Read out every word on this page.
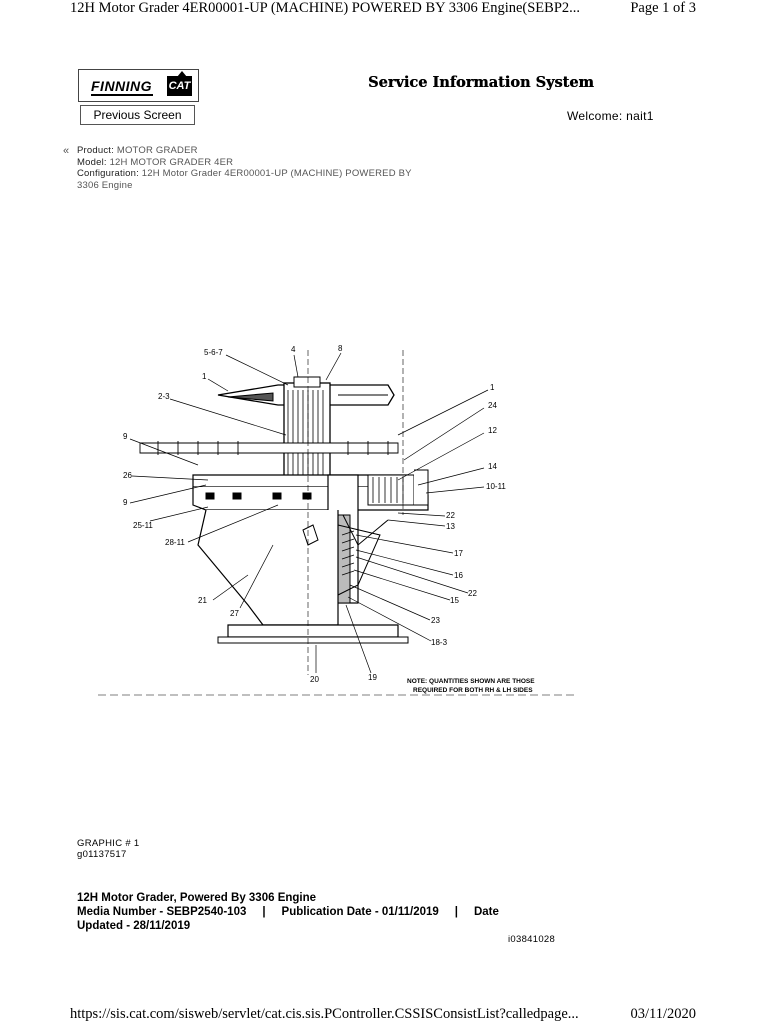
12H Motor Grader 4ER00001-UP (MACHINE) POWERED BY 3306 Engine(SEBP2...	Page 1 of 3
FINNING CAT	Service Information System
Previous Screen	Welcome: nait1
« Product: MOTOR GRADER
Model: 12H MOTOR GRADER 4ER
Configuration: 12H Motor Grader 4ER00001-UP (MACHINE) POWERED BY
3306 Engine
5-6-7	4	8
1
2-3
1
24
9
12
26
14
9
10-11
25-11
22
13
28-11
17
16
21
22
27
15
23
18-3
20	19	NOTE: QUANTITIES SHOWN ARE THOSE
REQUIRED FOR BOTH RH & LH SIDES
GRAPHIC # 1
g01137517
12H Motor Grader, Powered By 3306 Engine
Media Number - SEBP2540-103     |     Publication Date - 01/11/2019     |     Date
Updated - 28/11/2019
i03841028
https://sis.cat.com/sisweb/servlet/cat.cis.sis.PController.CSSISConsistList?calledpage...	03/11/2020
